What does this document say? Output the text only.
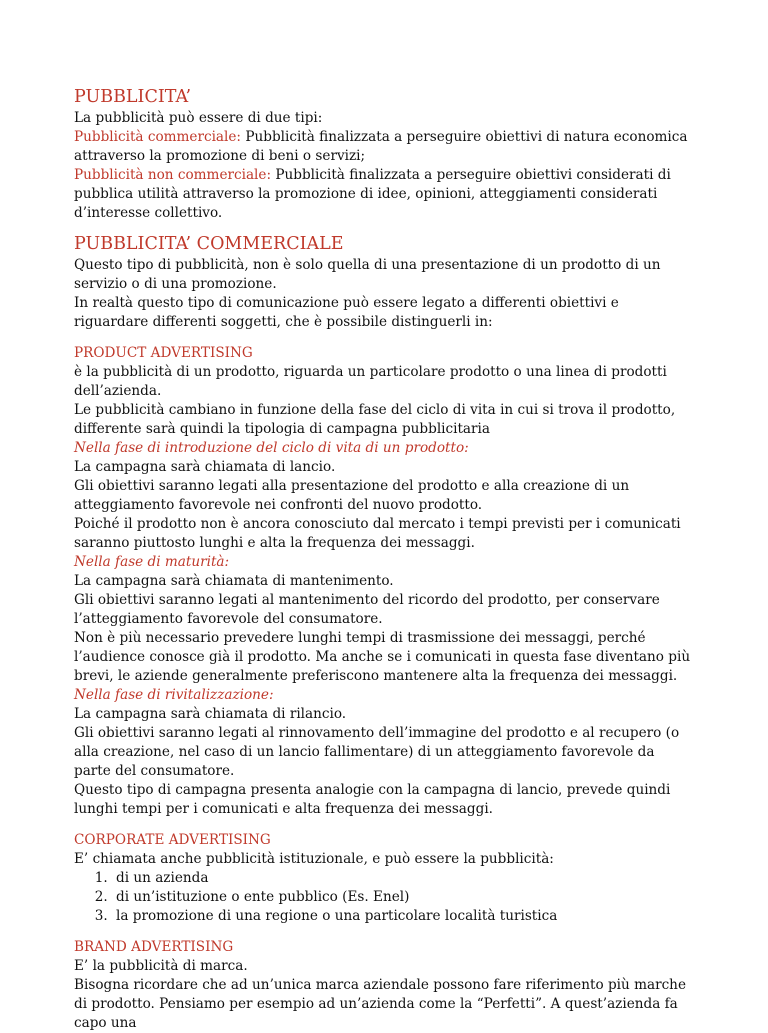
PUBBLICITA’

La pubblicità può essere di due tipi:

Pubblicità commerciale: Pubblicità finalizzata a perseguire obiettivi di natura economica attraverso la promozione di beni o servizi;

Pubblicità non commerciale: Pubblicità finalizzata a perseguire obiettivi considerati di pubblica utilità attraverso la promozione di idee, opinioni, atteggiamenti considerati d’interesse collettivo.

PUBBLICITA’ COMMERCIALE

Questo tipo di pubblicità, non è solo quella di una presentazione di un prodotto di un servizio o di una promozione.

In realtà questo tipo di comunicazione può essere legato a differenti obiettivi e riguardare differenti soggetti, che è possibile distinguerli in:

PRODUCT ADVERTISING

è la pubblicità di un prodotto, riguarda un particolare prodotto o una linea di prodotti dell’azienda.

Le pubblicità cambiano in funzione della fase del ciclo di vita in cui si trova il prodotto, differente sarà quindi la tipologia di campagna pubblicitaria

Nella fase di introduzione del ciclo di vita di un prodotto:

La campagna sarà chiamata di lancio.

Gli obiettivi saranno legati alla presentazione del prodotto e alla creazione di un atteggiamento favorevole nei confronti del nuovo prodotto.

Poiché il prodotto non è ancora conosciuto dal mercato i tempi previsti per i comunicati saranno piuttosto lunghi e alta la frequenza dei messaggi.

Nella fase di maturità:

La campagna sarà chiamata di mantenimento.

Gli obiettivi saranno legati al mantenimento del ricordo del prodotto, per conservare l’atteggiamento favorevole del consumatore.

Non è più necessario prevedere lunghi tempi di trasmissione dei messaggi, perché l’audience conosce già il prodotto. Ma anche se i comunicati in questa fase diventano più brevi, le aziende generalmente preferiscono mantenere alta la frequenza dei messaggi.

Nella fase di rivitalizzazione:

La campagna sarà chiamata di rilancio.

Gli obiettivi saranno legati al rinnovamento dell’immagine del prodotto e al recupero (o alla creazione, nel caso di un lancio fallimentare) di un atteggiamento favorevole da parte del consumatore.

Questo tipo di campagna presenta analogie con la campagna di lancio, prevede quindi lunghi tempi per i comunicati e alta frequenza dei messaggi.

CORPORATE ADVERTISING

E’ chiamata anche pubblicità istituzionale, e può essere la pubblicità:

1. di un azienda
2. di un’istituzione o ente pubblico (Es. Enel)
3. la promozione di una regione o una particolare località turistica
BRAND ADVERTISING

E’ la pubblicità di marca.

Bisogna ricordare che ad un’unica marca aziendale possono fare riferimento più marche di prodotto. Pensiamo per esempio ad un’azienda come la “Perfetti”. A quest’azienda fa capo una
